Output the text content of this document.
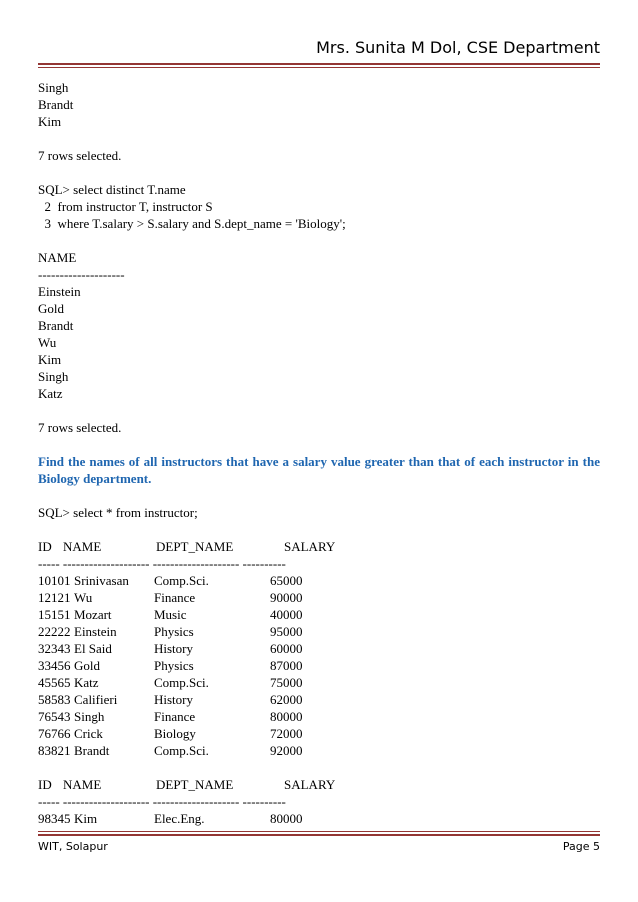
Mrs. Sunita M Dol, CSE Department
Singh
Brandt
Kim
7 rows selected.
SQL> select distinct T.name
2  from instructor T, instructor S
3  where T.salary > S.salary and S.dept_name = 'Biology';
NAME
--------------------
Einstein
Gold
Brandt
Wu
Kim
Singh
Katz
7 rows selected.
Find the names of all instructors that have a salary value greater than that of each instructor in the Biology department.
SQL> select * from instructor;
ID NAME	DEPT_NAME	SALARY
----- -------------------- -------------------- ----------
10101 Srinivasan Comp.Sci.	65000
12121 Wu	Finance	90000
15151 Mozart	Music	40000
22222 Einstein	Physics	95000
32343 El Said	History	60000
33456 Gold	Physics	87000
45565 Katz	Comp.Sci.	75000
58583 Califieri	History	62000
76543 Singh	Finance	80000
76766 Crick	Biology	72000
83821 Brandt	Comp.Sci.	92000
ID NAME	DEPT_NAME	SALARY
----- -------------------- -------------------- ----------
98345 Kim	Elec.Eng.	80000
WIT, Solapur	Page 5
